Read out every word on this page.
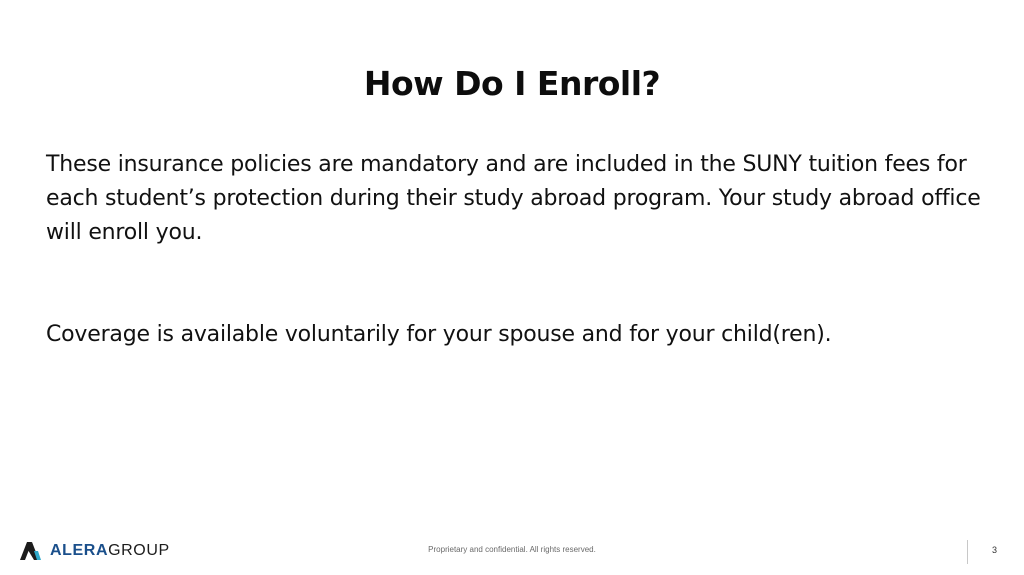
How Do I Enroll?

These insurance policies are mandatory and are included in the SUNY tuition fees for each student’s protection during their study abroad program. Your study abroad office will enroll you.

Coverage is available voluntarily for your spouse and for your child(ren).

ALERAGROUP	Proprietary and confidential. All rights reserved.	3
